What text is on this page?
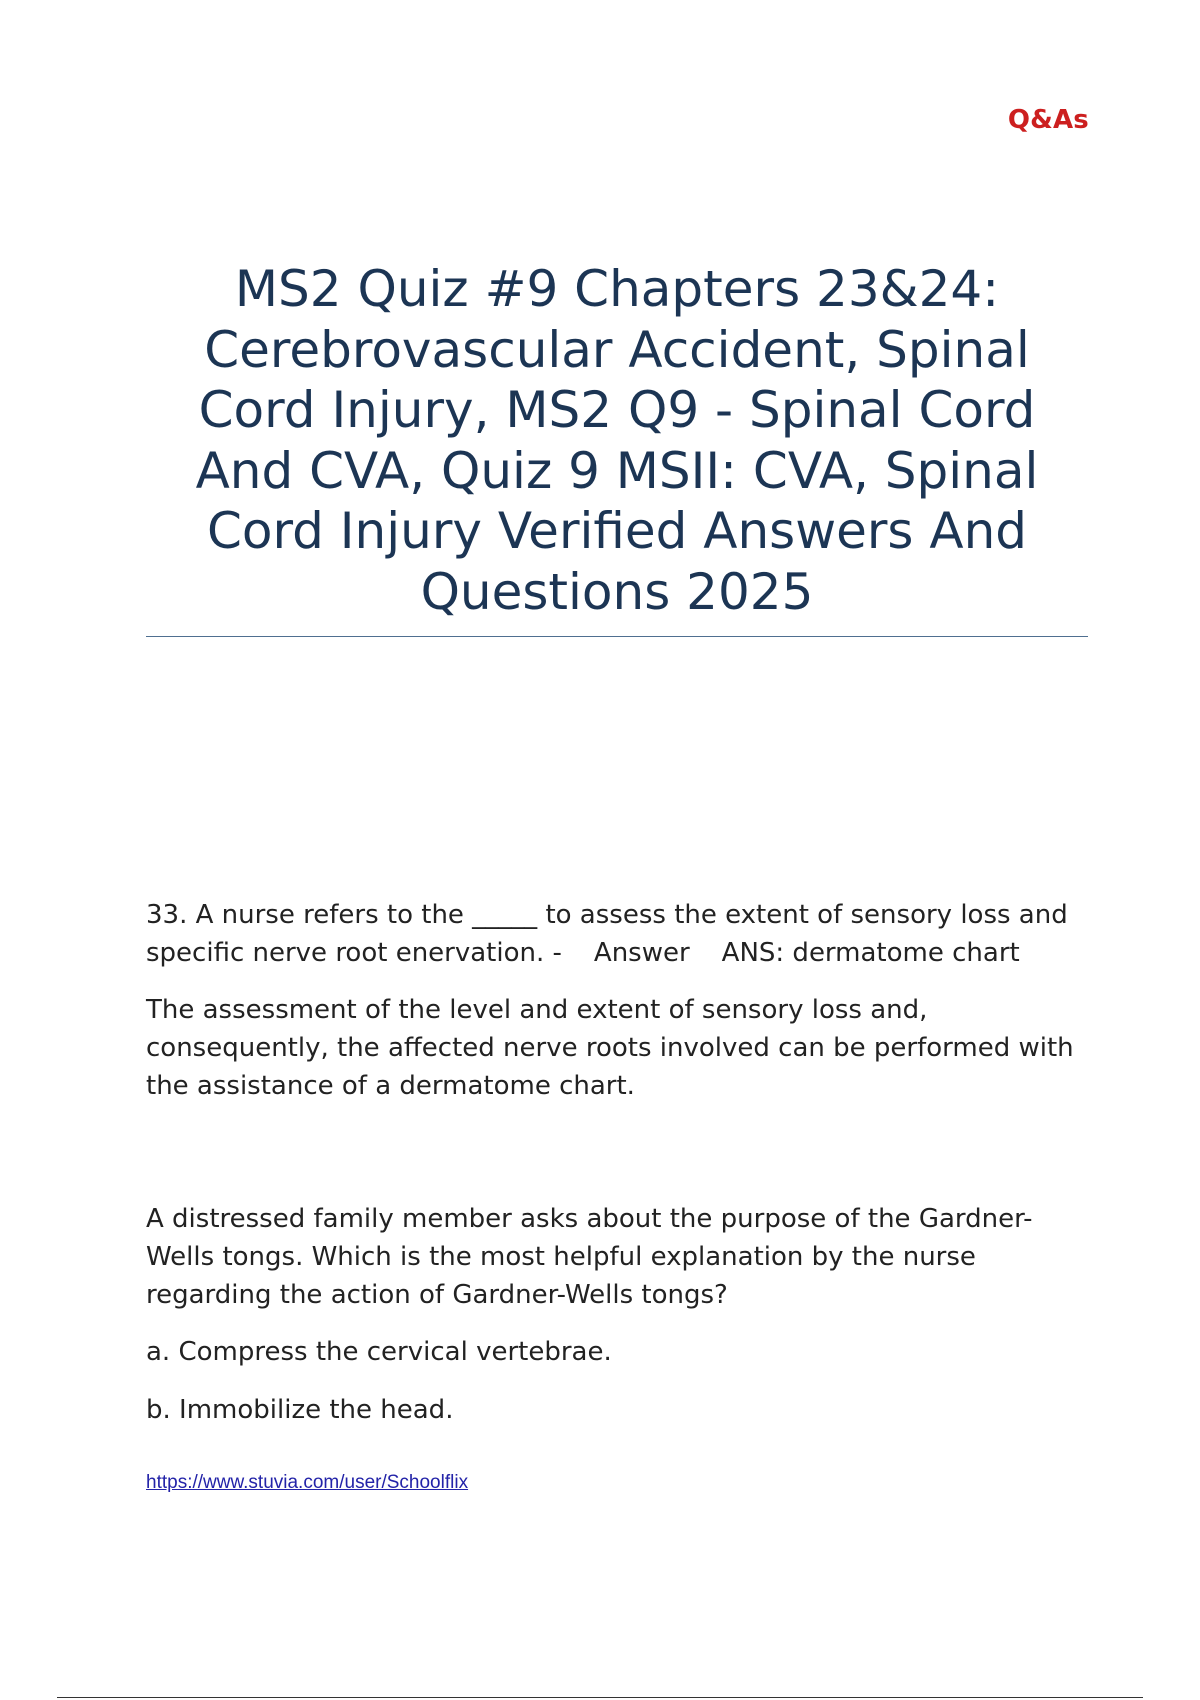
Q&As
MS2 Quiz #9 Chapters 23&24: Cerebrovascular Accident, Spinal Cord Injury, MS2 Q9 - Spinal Cord And CVA, Quiz 9 MSII: CVA, Spinal Cord Injury Verified Answers And Questions 2025

33. A nurse refers to the _____ to assess the extent of sensory loss and specific nerve root enervation. - Answer ANS: dermatome chart

The assessment of the level and extent of sensory loss and, consequently, the affected nerve roots involved can be performed with the assistance of a dermatome chart.

A distressed family member asks about the purpose of the Gardner-Wells tongs. Which is the most helpful explanation by the nurse regarding the action of Gardner-Wells tongs?

a. Compress the cervical vertebrae.

b. Immobilize the head.

https://www.stuvia.com/user/Schoolflix
